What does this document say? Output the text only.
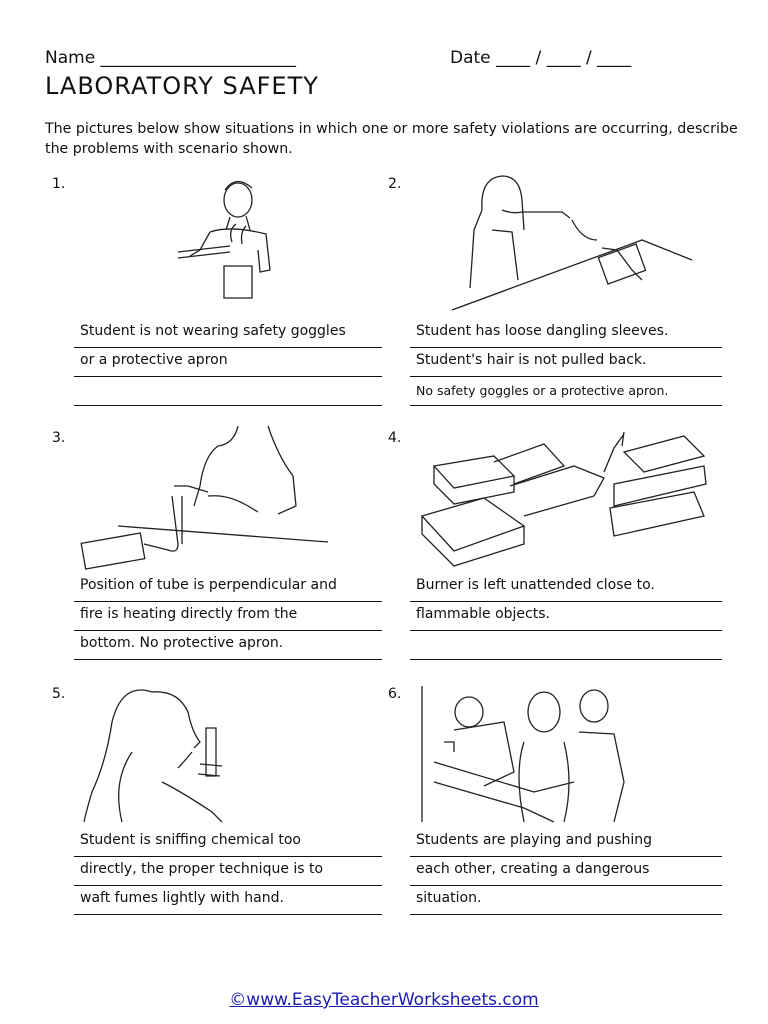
Name _______________________	Date ____ / ____ / ____
LABORATORY SAFETY
The pictures below show situations in which one or more safety violations are occurring, describe the problems with scenario shown.
1.
Student is not wearing safety goggles
or a protective apron
2.
Student has loose dangling sleeves.
Student's hair is not pulled back.
No safety goggles or a protective apron.
3.
Position of tube is perpendicular and
fire is heating directly from the
bottom. No protective apron.
4.
Burner is left unattended close to.
flammable objects.
5.
Student is sniffing chemical too
directly, the proper technique is to
waft fumes lightly with hand.
6.
Students are playing and pushing
each other, creating a dangerous
situation.
©www.EasyTeacherWorksheets.com
